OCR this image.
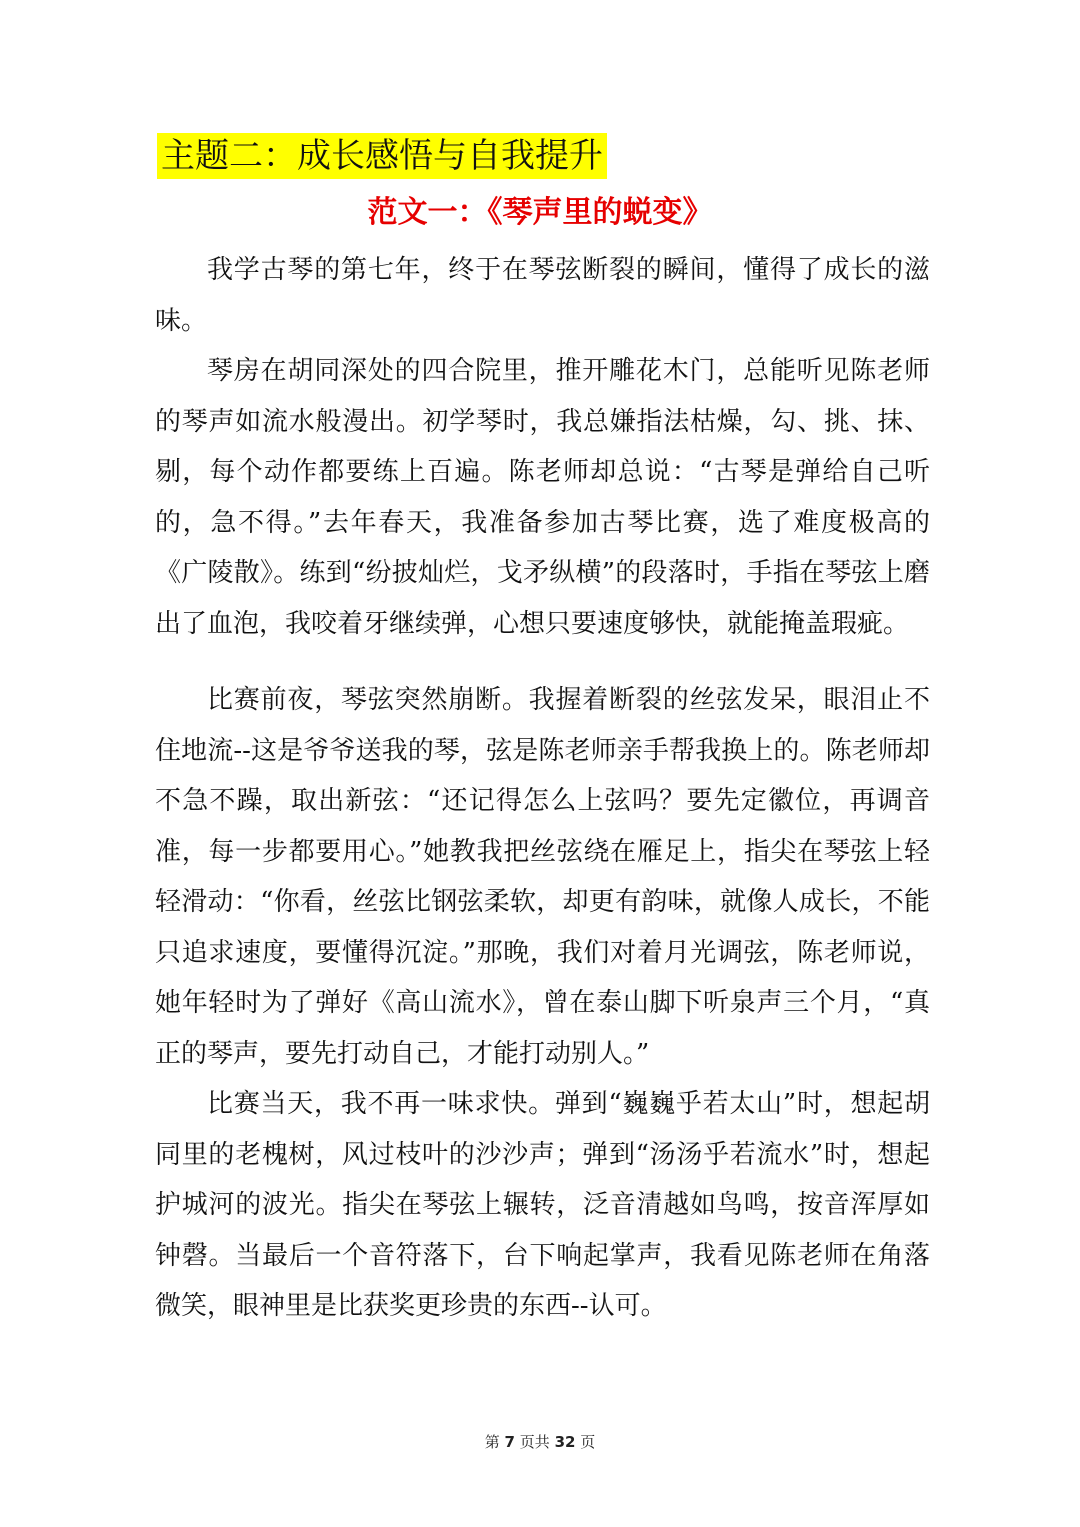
主题二：成长感悟与自我提升
范文一：《琴声里的蜕变》

我学古琴的第七年，终于在琴弦断裂的瞬间，懂得了成长的滋味。

琴房在胡同深处的四合院里，推开雕花木门，总能听见陈老师的琴声如流水般漫出。初学琴时，我总嫌指法枯燥，勾、挑、抹、剔，每个动作都要练上百遍。陈老师却总说：“古琴是弹给自己听的，急不得。”去年春天，我准备参加古琴比赛，选了难度极高的《广陵散》。练到“纷披灿烂，戈矛纵横”的段落时，手指在琴弦上磨出了血泡，我咬着牙继续弹，心想只要速度够快，就能掩盖瑕疵。

比赛前夜，琴弦突然崩断。我握着断裂的丝弦发呆，眼泪止不住地流--这是爷爷送我的琴，弦是陈老师亲手帮我换上的。陈老师却不急不躁，取出新弦：“还记得怎么上弦吗？要先定徽位，再调音准，每一步都要用心。”她教我把丝弦绕在雁足上，指尖在琴弦上轻轻滑动：“你看，丝弦比钢弦柔软，却更有韵味，就像人成长，不能只追求速度，要懂得沉淀。”那晚，我们对着月光调弦，陈老师说，她年轻时为了弹好《高山流水》，曾在泰山脚下听泉声三个月，“真正的琴声，要先打动自己，才能打动别人。”

比赛当天，我不再一味求快。弹到“巍巍乎若太山”时，想起胡同里的老槐树，风过枝叶的沙沙声；弹到“汤汤乎若流水”时，想起护城河的波光。指尖在琴弦上辗转，泛音清越如鸟鸣，按音浑厚如钟磬。当最后一个音符落下，台下响起掌声，我看见陈老师在角落微笑，眼神里是比获奖更珍贵的东西--认可。

第 7 页共 32 页
